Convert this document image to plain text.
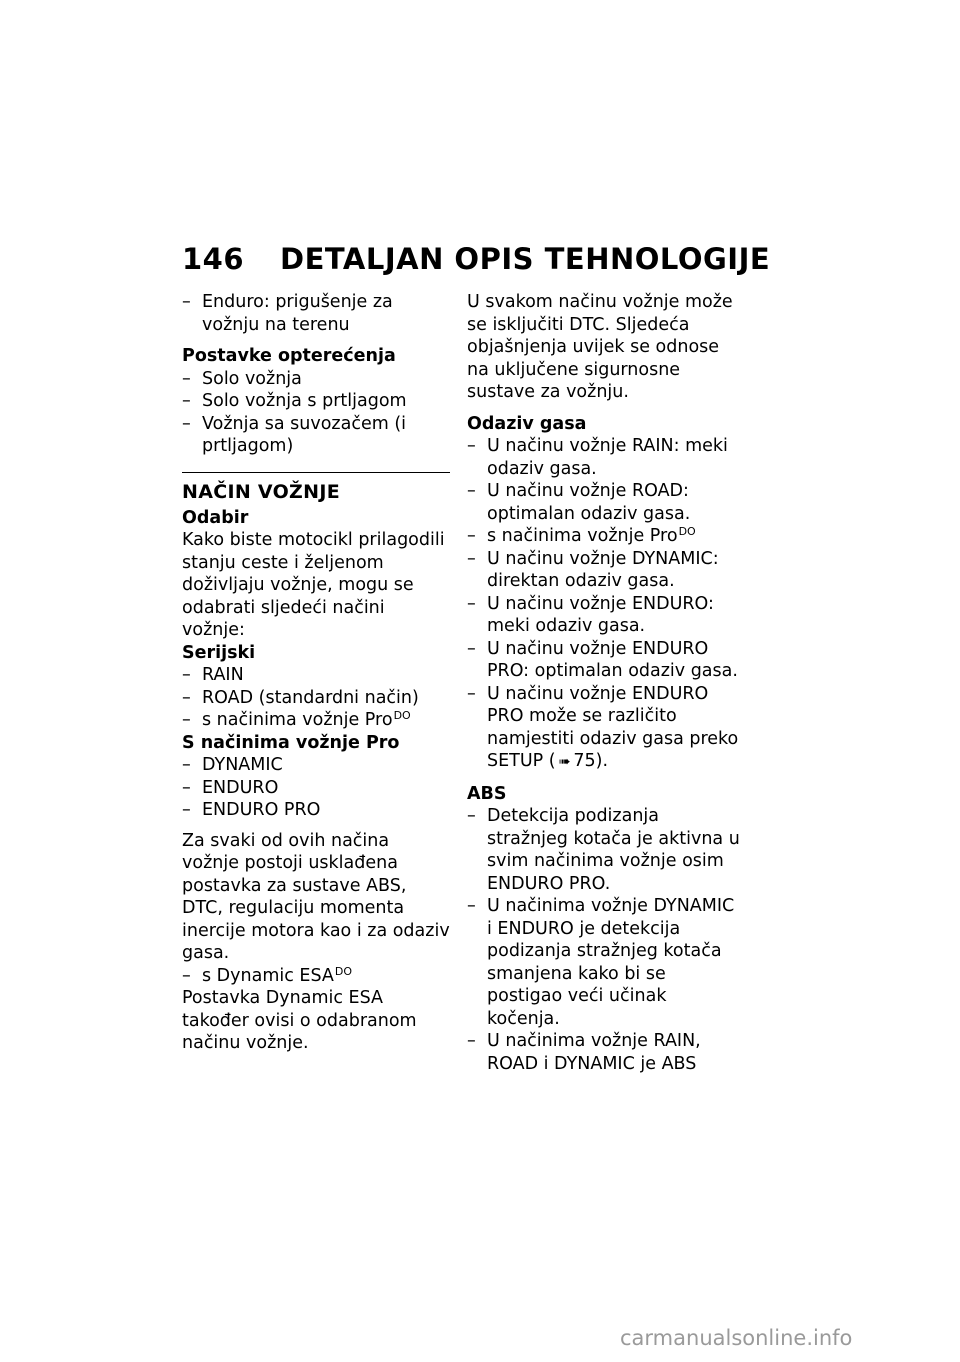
146 DETALJAN OPIS TEHNOLOGIJE
– Enduro: prigušenje za vožnju na terenu

Postavke opterećenja

– Solo vožnja
– Solo vožnja s prtljagom
– Vožnja sa suvozačem (i prtljagom)

NAČIN VOŽNJE

Odabir

Kako biste motocikl prilagodili stanju ceste i željenom doživljaju vožnje, mogu se odabrati sljedeći načini vožnje:

Serijski

– RAIN
– ROAD (standardni način)
– s načinima vožnje Pro$^{DO}$

S načinima vožnje Pro

– DYNAMIC
– ENDURO
– ENDURO PRO

Za svaki od ovih načina vožnje postoji usklađena postavka za sustave ABS, DTC, regulaciju momenta inercije motora kao i za odaziv gasa.

– s Dynamic $ESA^{DO}$

Postavka Dynamic ESA također ovisi o odabranom načinu vožnje.

U svakom načinu vožnje može se isključiti DTC. Sljedeća objašnjenja uvijek se odnose na uključene sigurnosne sustave za vožnju.

Odaziv gasa

– U načinu vožnje RAIN: meki odaziv gasa.
– U načinu vožnje ROAD: optimalan odaziv gasa.
– s načinima vožnje Pro$^{DO}$
– U načinu vožnje DYNAMIC: direktan odaziv gasa.
– U načinu vožnje ENDURO: meki odaziv gasa.
– U načinu vožnje ENDURO PRO: optimalan odaziv gasa.
– U načinu vožnje ENDURO PRO može se različito namjestiti odaziv gasa preko SETUP ( ➠ 75).

ABS

– Detekcija podizanja stražnjeg kotača je aktivna u svim načinima vožnje osim ENDURO PRO.
– U načinima vožnje DYNAMIC i ENDURO je detekcija podizanja stražnjeg kotača smanjena kako bi se postigao veći učinak kočenja.
– U načinima vožnje RAIN, ROAD i DYNAMIC je ABS
carmanualsonline.info
